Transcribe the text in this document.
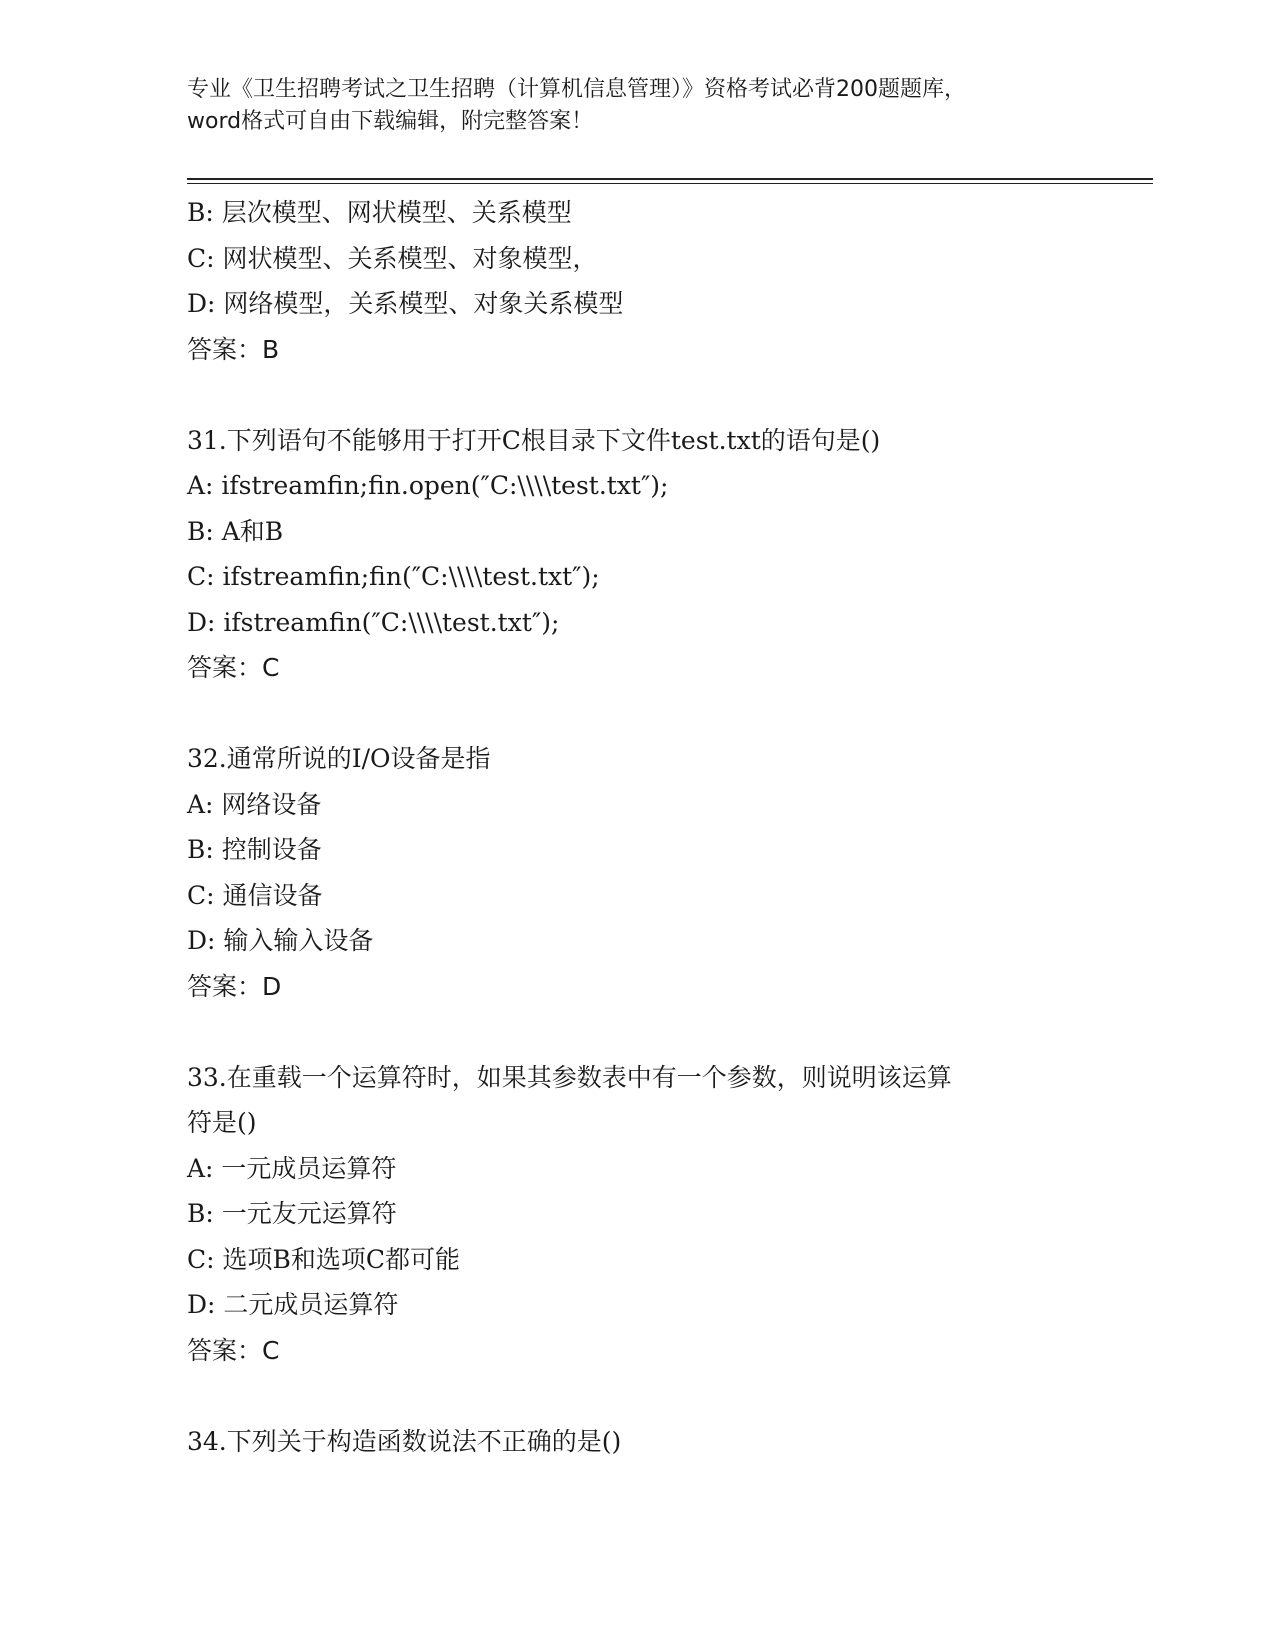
专业《卫生招聘考试之卫生招聘（计算机信息管理）》资格考试必背200题题库，
word格式可自由下载编辑，附完整答案！
B: 层次模型、网状模型、关系模型
C: 网状模型、关系模型、对象模型，
D: 网络模型，关系模型、对象关系模型
答案：B
31.下列语句不能够用于打开C根目录下文件test.txt的语句是()
A: ifstreamfin;fin.open(″C:\\\\test.txt″);
B: A和B
C: ifstreamfin;fin(″C:\\\\test.txt″);
D: ifstreamfin(″C:\\\\test.txt″);
答案：C
32.通常所说的I/O设备是指
A: 网络设备
B: 控制设备
C: 通信设备
D: 输入输入设备
答案：D
33.在重载一个运算符时，如果其参数表中有一个参数，则说明该运算
符是()
A: 一元成员运算符
B: 一元友元运算符
C: 选项B和选项C都可能
D: 二元成员运算符
答案：C
34.下列关于构造函数说法不正确的是()
